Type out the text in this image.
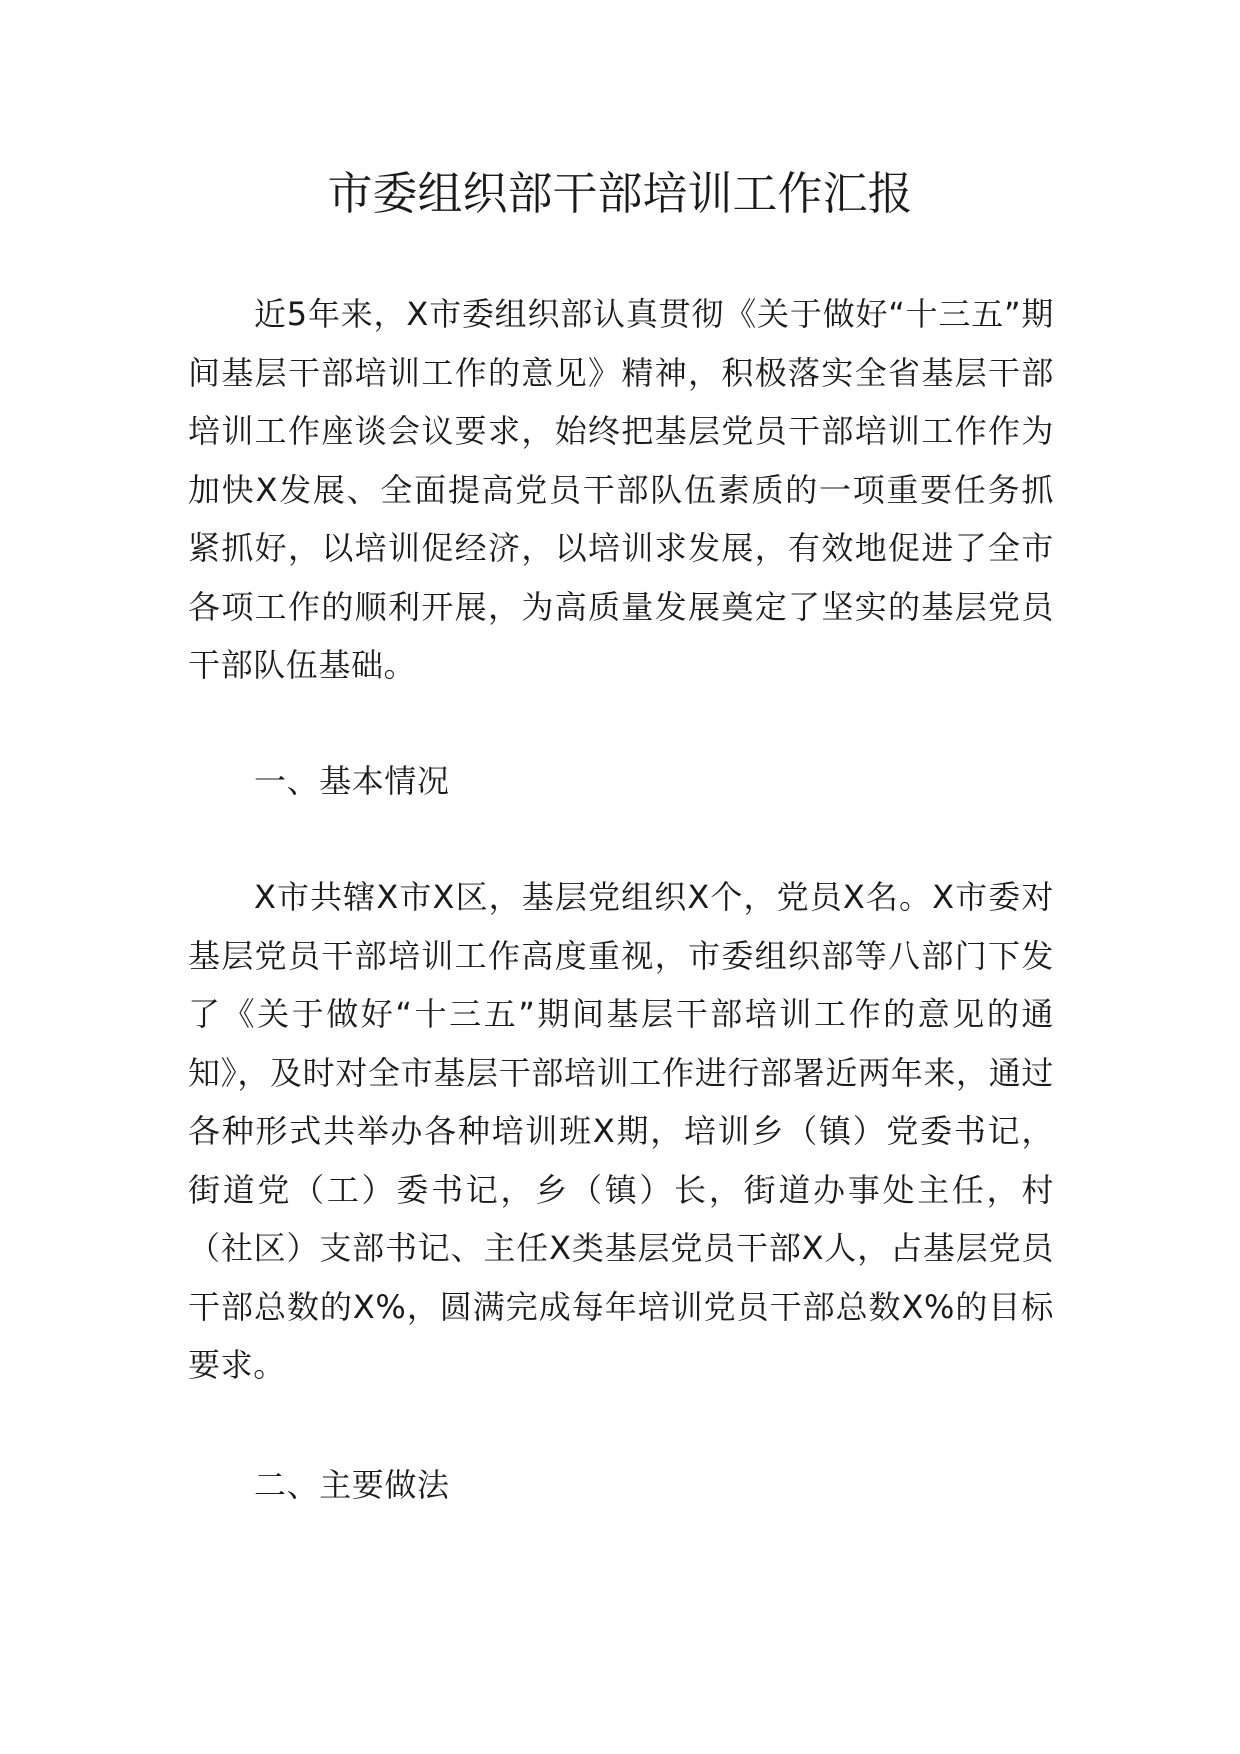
市委组织部干部培训工作汇报

近5年来，X市委组织部认真贯彻《关于做好“十三五”期间基层干部培训工作的意见》精神，积极落实全省基层干部培训工作座谈会议要求，始终把基层党员干部培训工作作为加快X发展、全面提高党员干部队伍素质的一项重要任务抓紧抓好，以培训促经济，以培训求发展，有效地促进了全市各项工作的顺利开展，为高质量发展奠定了坚实的基层党员干部队伍基础。

一、基本情况

X市共辖X市X区，基层党组织X个，党员X名。X市委对基层党员干部培训工作高度重视，市委组织部等八部门下发了《关于做好“十三五”期间基层干部培训工作的意见的通知》，及时对全市基层干部培训工作进行部署近两年来，通过各种形式共举办各种培训班X期，培训乡（镇）党委书记，街道党（工）委书记，乡（镇）长，街道办事处主任，村（社区）支部书记、主任X类基层党员干部X人，占基层党员干部总数的X%，圆满完成每年培训党员干部总数X%的目标要求。

二、主要做法
